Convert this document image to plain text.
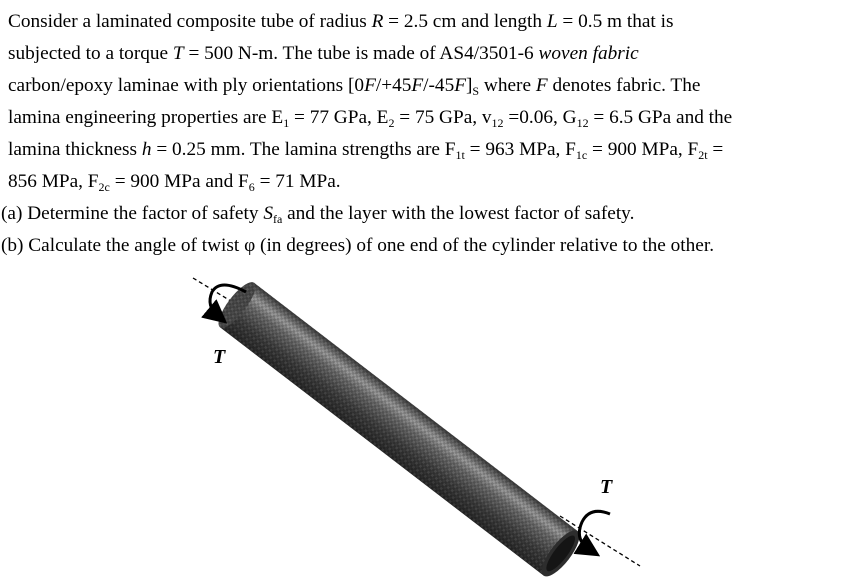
Consider a laminated composite tube of radius R = 2.5 cm and length L = 0.5 m that is
subjected to a torque T = 500 N-m. The tube is made of AS4/3501-6 woven fabric
carbon/epoxy laminae with ply orientations $[0F/+45F/-45F]_S$ where F denotes fabric. The
lamina engineering properties are $E_1 = 77$ GPa, $E_2 = 75$ GPa, $v_{12} =0.06$, $G_{12} = 6.5$ GPa and the
lamina thickness h = 0.25 mm. The lamina strengths are $F_{1t} = 963$ MPa, $F_{1c} = 900$ MPa, $F_{2t}$ =
856 MPa, $F_{2c} = 900$ MPa and $F_6 = 71$ MPa.
(a) Determine the factor of safety $S_{fa}$ and the layer with the lowest factor of safety.
(b) Calculate the angle of twist φ (in degrees) of one end of the cylinder relative to the other.
T
T
